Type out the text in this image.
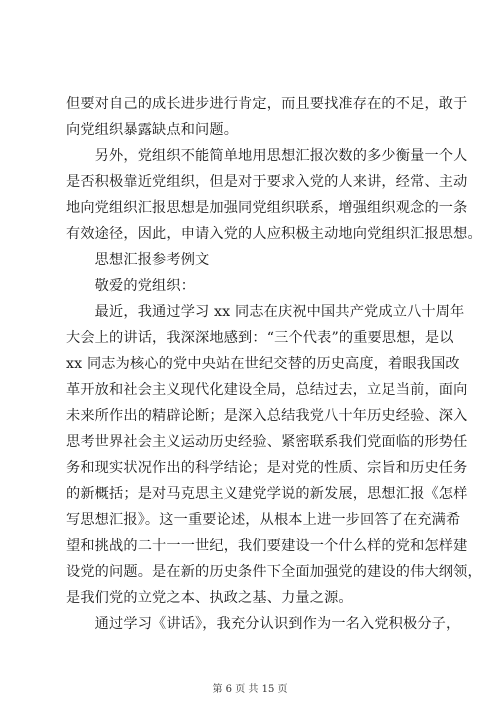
但要对自己的成长进步进行肯定，而且要找准存在的不足，敢于
向党组织暴露缺点和问题。
　　另外，党组织不能简单地用思想汇报次数的多少衡量一个人
是否积极靠近党组织，但是对于要求入党的人来讲，经常、主动
地向党组织汇报思想是加强同党组织联系，增强组织观念的一条
有效途径，因此，申请入党的人应积极主动地向党组织汇报思想。
　　思想汇报参考例文
　　敬爱的党组织：
　　最近，我通过学习 xx 同志在庆祝中国共产党成立八十周年
大会上的讲话，我深深地感到：“三个代表”的重要思想，是以
xx 同志为核心的党中央站在世纪交替的历史高度，着眼我国改
革开放和社会主义现代化建设全局，总结过去，立足当前，面向
未来所作出的精辟论断；是深入总结我党八十年历史经验、深入
思考世界社会主义运动历史经验、紧密联系我们党面临的形势任
务和现实状况作出的科学结论；是对党的性质、宗旨和历史任务
的新概括；是对马克思主义建党学说的新发展，思想汇报《怎样
写思想汇报》。这一重要论述，从根本上进一步回答了在充满希
望和挑战的二十一一世纪，我们要建设一个什么样的党和怎样建
设党的问题。是在新的历史条件下全面加强党的建设的伟大纲领，
是我们党的立党之本、执政之基、力量之源。
　　通过学习《讲话》，我充分认识到作为一名入党积极分子，
第 6 页 共 15 页
